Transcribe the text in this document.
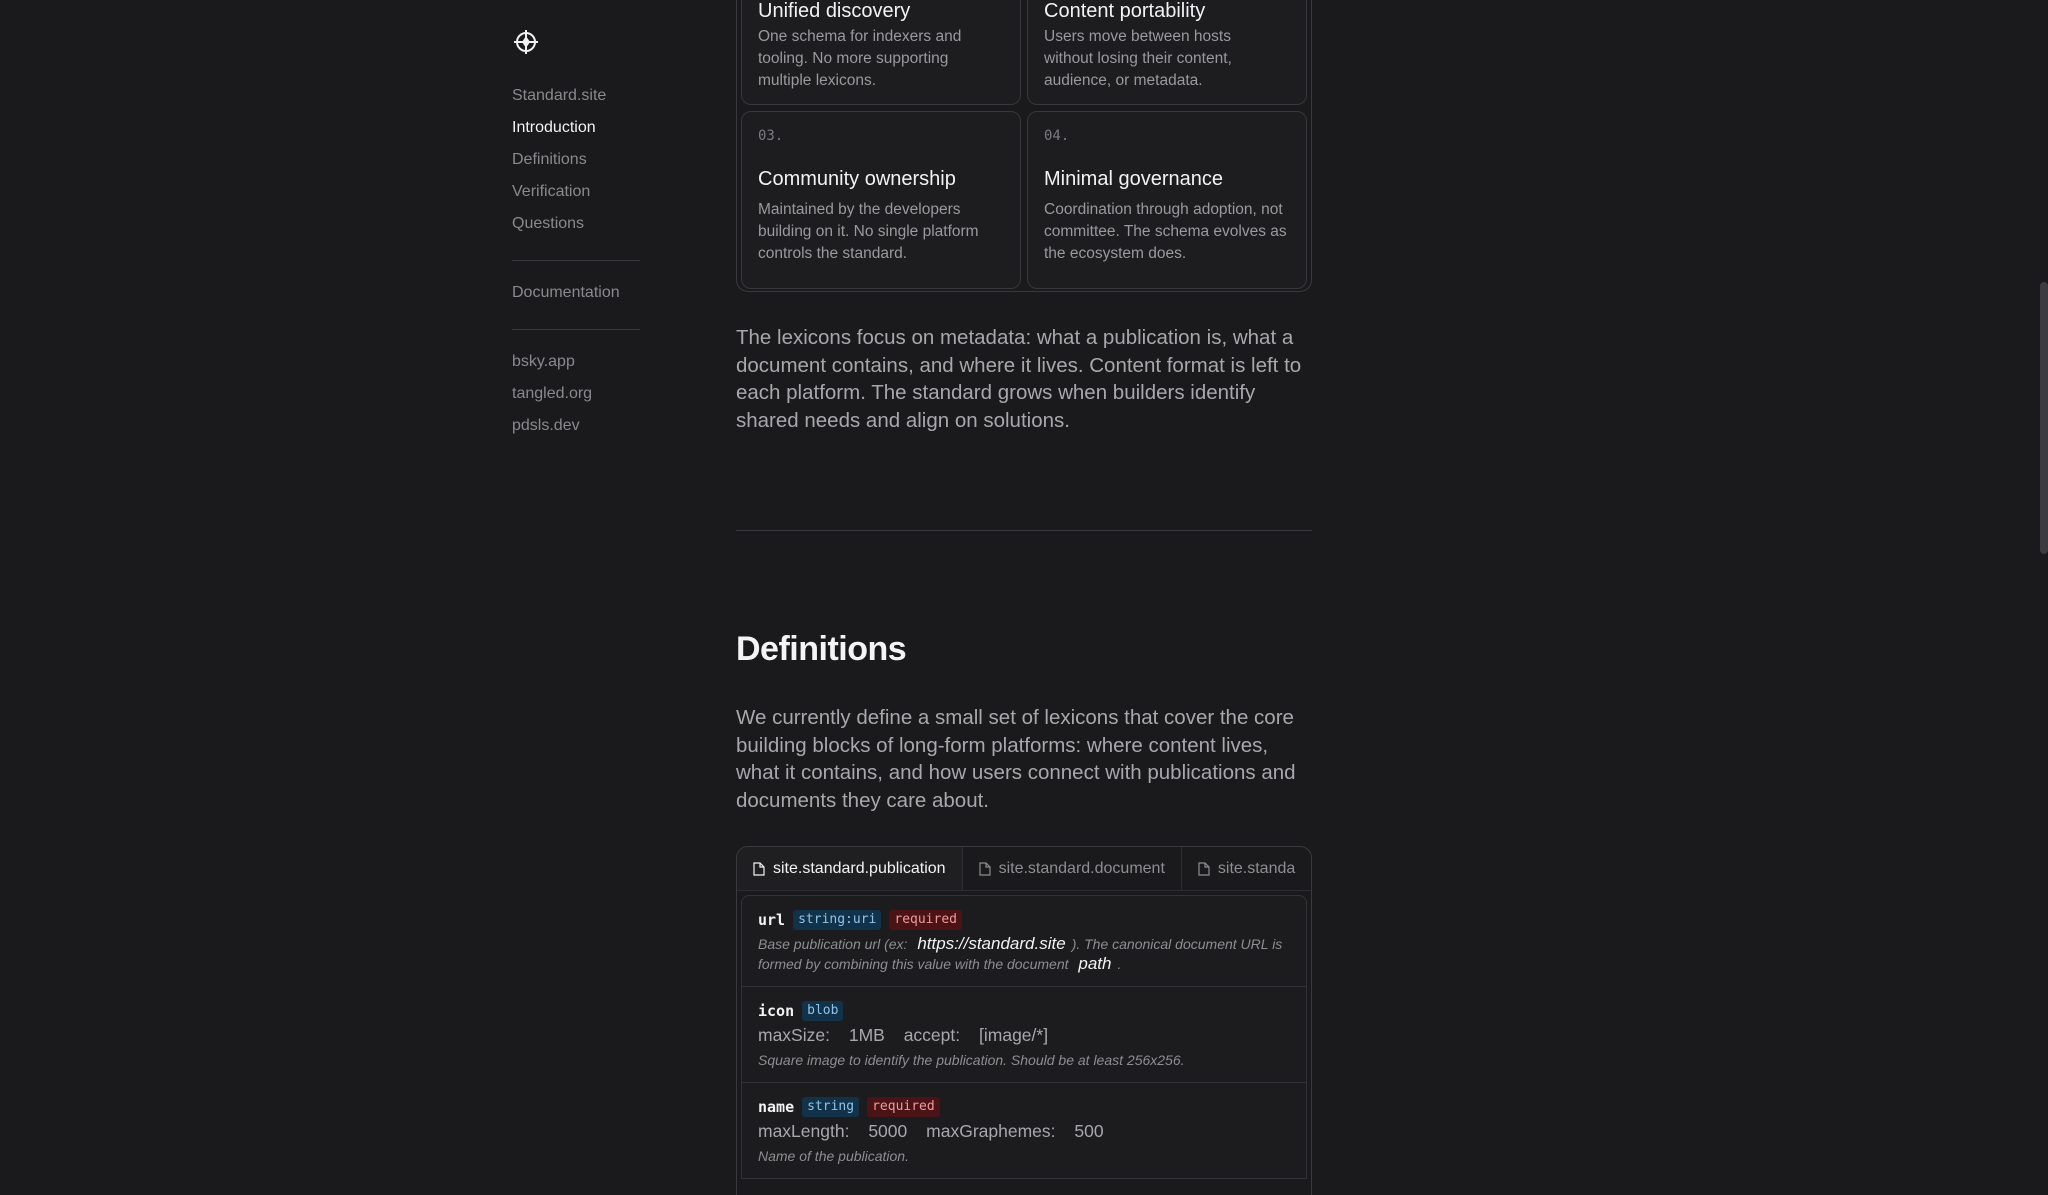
Standard.site
Introduction
Definitions
Verification
Questions
Documentation
bsky.app
tangled.org
pdsls.dev
Unified discovery
One schema for indexers and tooling. No more supporting multiple lexicons.
Content portability
Users move between hosts without losing their content, audience, or metadata.
03.
Community ownership
Maintained by the developers building on it. No single platform controls the standard.
04.
Minimal governance
Coordination through adoption, not committee. The schema evolves as the ecosystem does.

The lexicons focus on metadata: what a publication is, what a document contains, and where it lives. Content format is left to each platform. The standard grows when builders identify shared needs and align on solutions.

Definitions

We currently define a small set of lexicons that cover the core building blocks of long-form platforms: where content lives, what it contains, and how users connect with publications and documents they care about.

site.standard.publication	site.standard.document	site.standa
url	string:uri	required
Base publication url (ex: https://standard.site ). The canonical document URL is formed by combining this value with the document path .
icon	blob
maxSize: 1MB accept: [image/*]
Square image to identify the publication. Should be at least 256x256.
name	string	required
maxLength: 5000 maxGraphemes: 500
Name of the publication.
